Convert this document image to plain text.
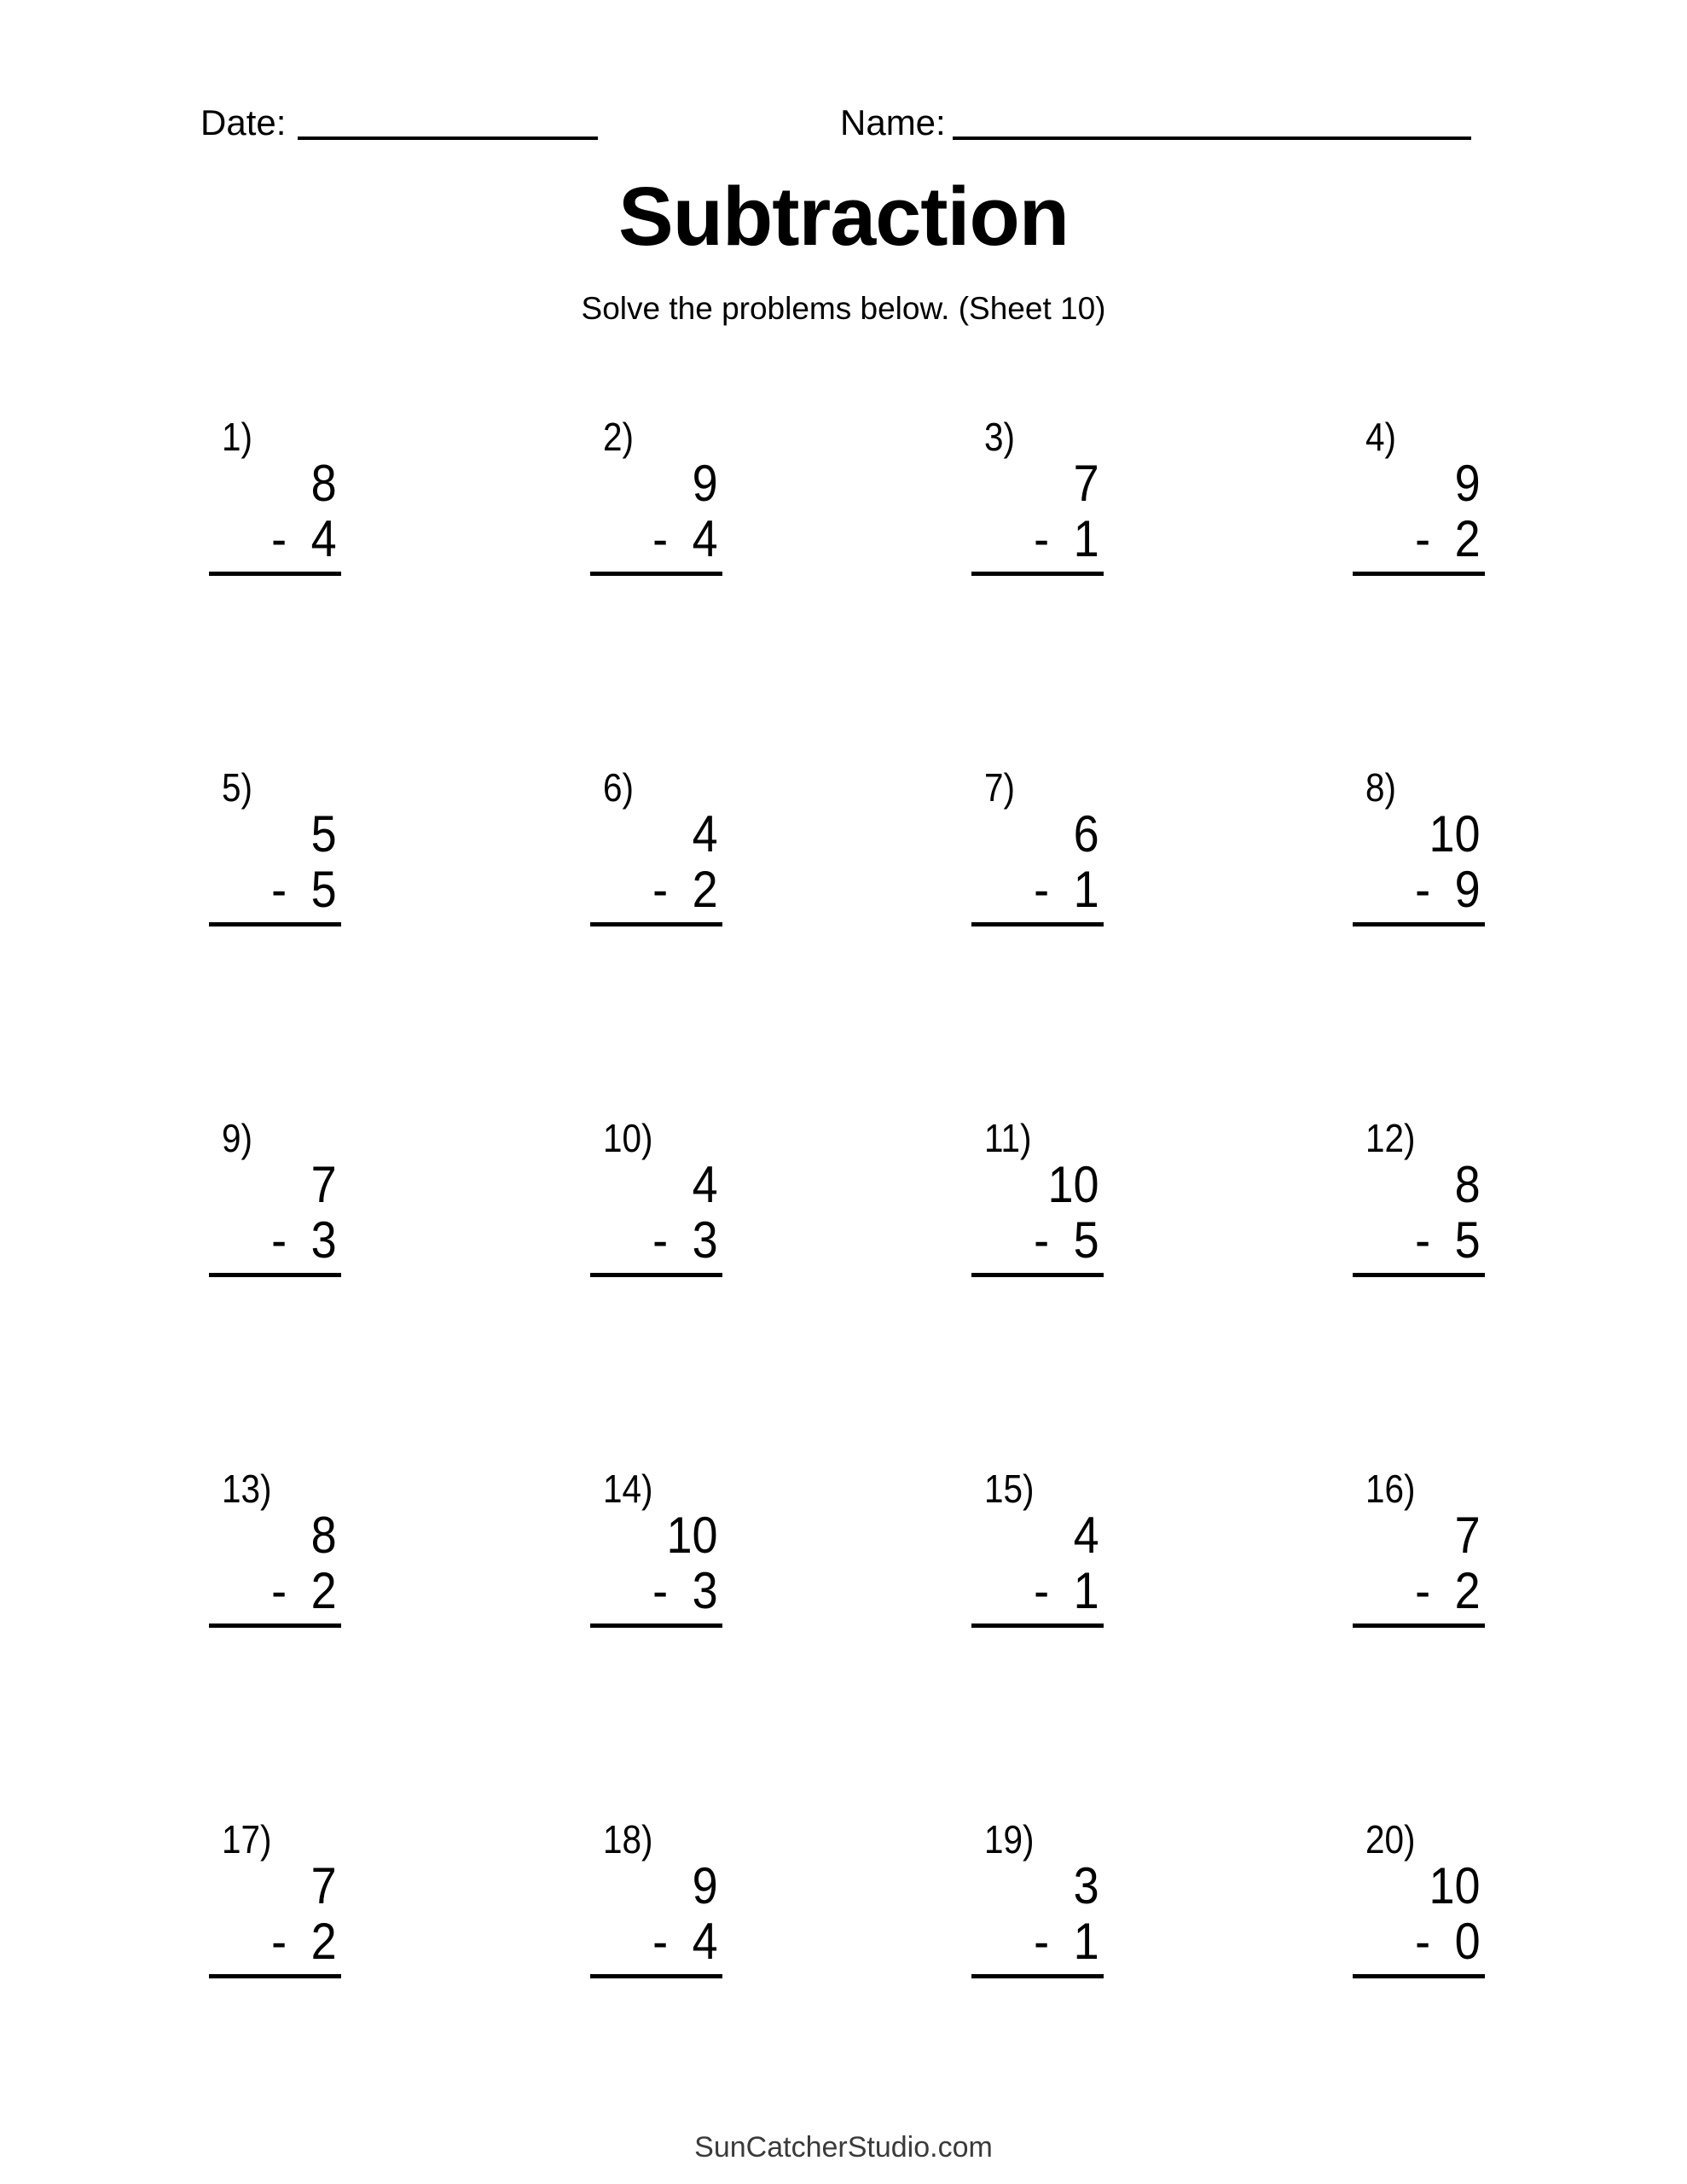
Date:	Name:
Subtraction
Solve the problems below. (Sheet 10)
1)
8
- 4
2)
9
- 4
3)
7
- 1
4)
9
- 2
5)
5
- 5
6)
4
- 2
7)
6
- 1
8)
10
- 9
9)
7
- 3
10)
4
- 3
11)
10
- 5
12)
8
- 5
13)
8
- 2
14)
10
- 3
15)
4
- 1
16)
7
- 2
17)
7
- 2
18)
9
- 4
19)
3
- 1
20)
10
- 0
SunCatcherStudio.com
